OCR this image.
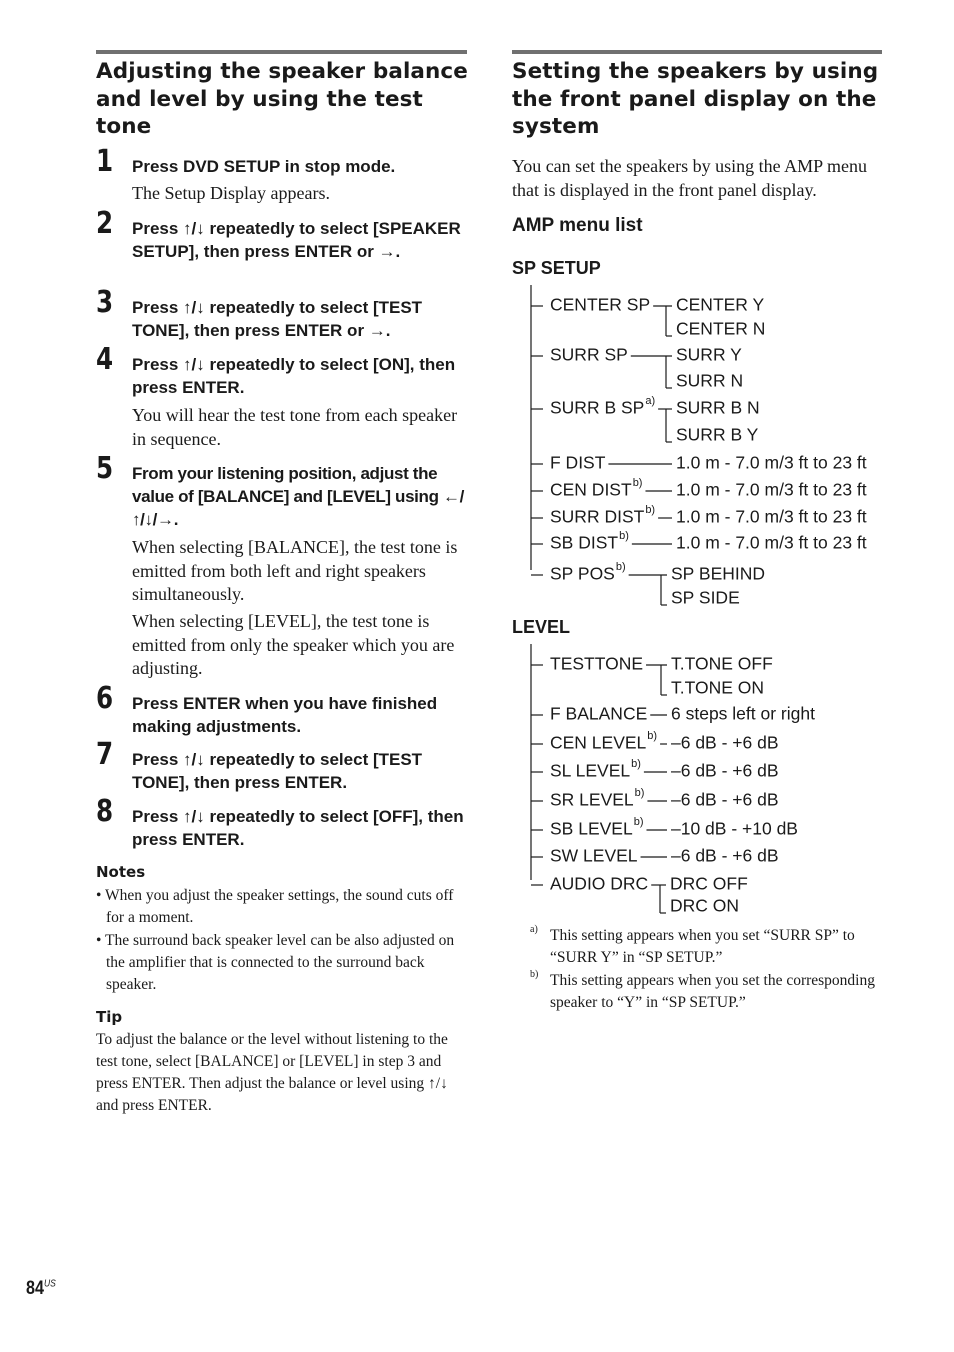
Adjusting the speaker balance and level by using the test tone
1 Press DVD SETUP in stop mode.
The Setup Display appears.
2 Press ↑/↓ repeatedly to select [SPEAKER SETUP], then press ENTER or →.
3 Press ↑/↓ repeatedly to select [TEST TONE], then press ENTER or →.
4 Press ↑/↓ repeatedly to select [ON], then press ENTER.
You will hear the test tone from each speaker in sequence.
5 From your listening position, adjust the value of [BALANCE] and [LEVEL] using ←/↑/↓/→.
When selecting [BALANCE], the test tone is emitted from both left and right speakers simultaneously.
When selecting [LEVEL], the test tone is emitted from only the speaker which you are adjusting.
6 Press ENTER when you have finished making adjustments.
7 Press ↑/↓ repeatedly to select [TEST TONE], then press ENTER.
8 Press ↑/↓ repeatedly to select [OFF], then press ENTER.
Notes
• When you adjust the speaker settings, the sound cuts off for a moment.
• The surround back speaker level can be also adjusted on the amplifier that is connected to the surround back speaker.
Tip
To adjust the balance or the level without listening to the test tone, select [BALANCE] or [LEVEL] in step 3 and press ENTER. Then adjust the balance or level using ↑/↓ and press ENTER.
Setting the speakers by using the front panel display on the system
You can set the speakers by using the AMP menu that is displayed in the front panel display.
AMP menu list
SP SETUP
LEVEL
CENTER SP CENTER Y
CENTER N
SURR SP	SURR Y
SURR N
SURR B SP a) SURR B N
SURR B Y
F DIST	1.0 m - 7.0 m/3 ft to 23 ft
CEN DIST b) 1.0 m - 7.0 m/3 ft to 23 ft
SURR DIST b) 1.0 m - 7.0 m/3 ft to 23 ft
SB DIST b)	1.0 m - 7.0 m/3 ft to 23 ft
SP POS b)	SP BEHIND
SP SIDE
TESTTONE T.TONE OFF
T.TONE ON
F BALANCE 6 steps left or right
CEN LEVEL b) –6 dB - +6 dB
SL LEVEL b) –6 dB - +6 dB
SR LEVEL b) –6 dB - +6 dB
SB LEVEL b) –10 dB - +10 dB
SW LEVEL –6 dB - +6 dB
AUDIO DRC DRC OFF
DRC ON
a) This setting appears when you set “SURR SP” to “SURR Y” in “SP SETUP.”
b) This setting appears when you set the corresponding speaker to “Y” in “SP SETUP.”
$84^{US}$
